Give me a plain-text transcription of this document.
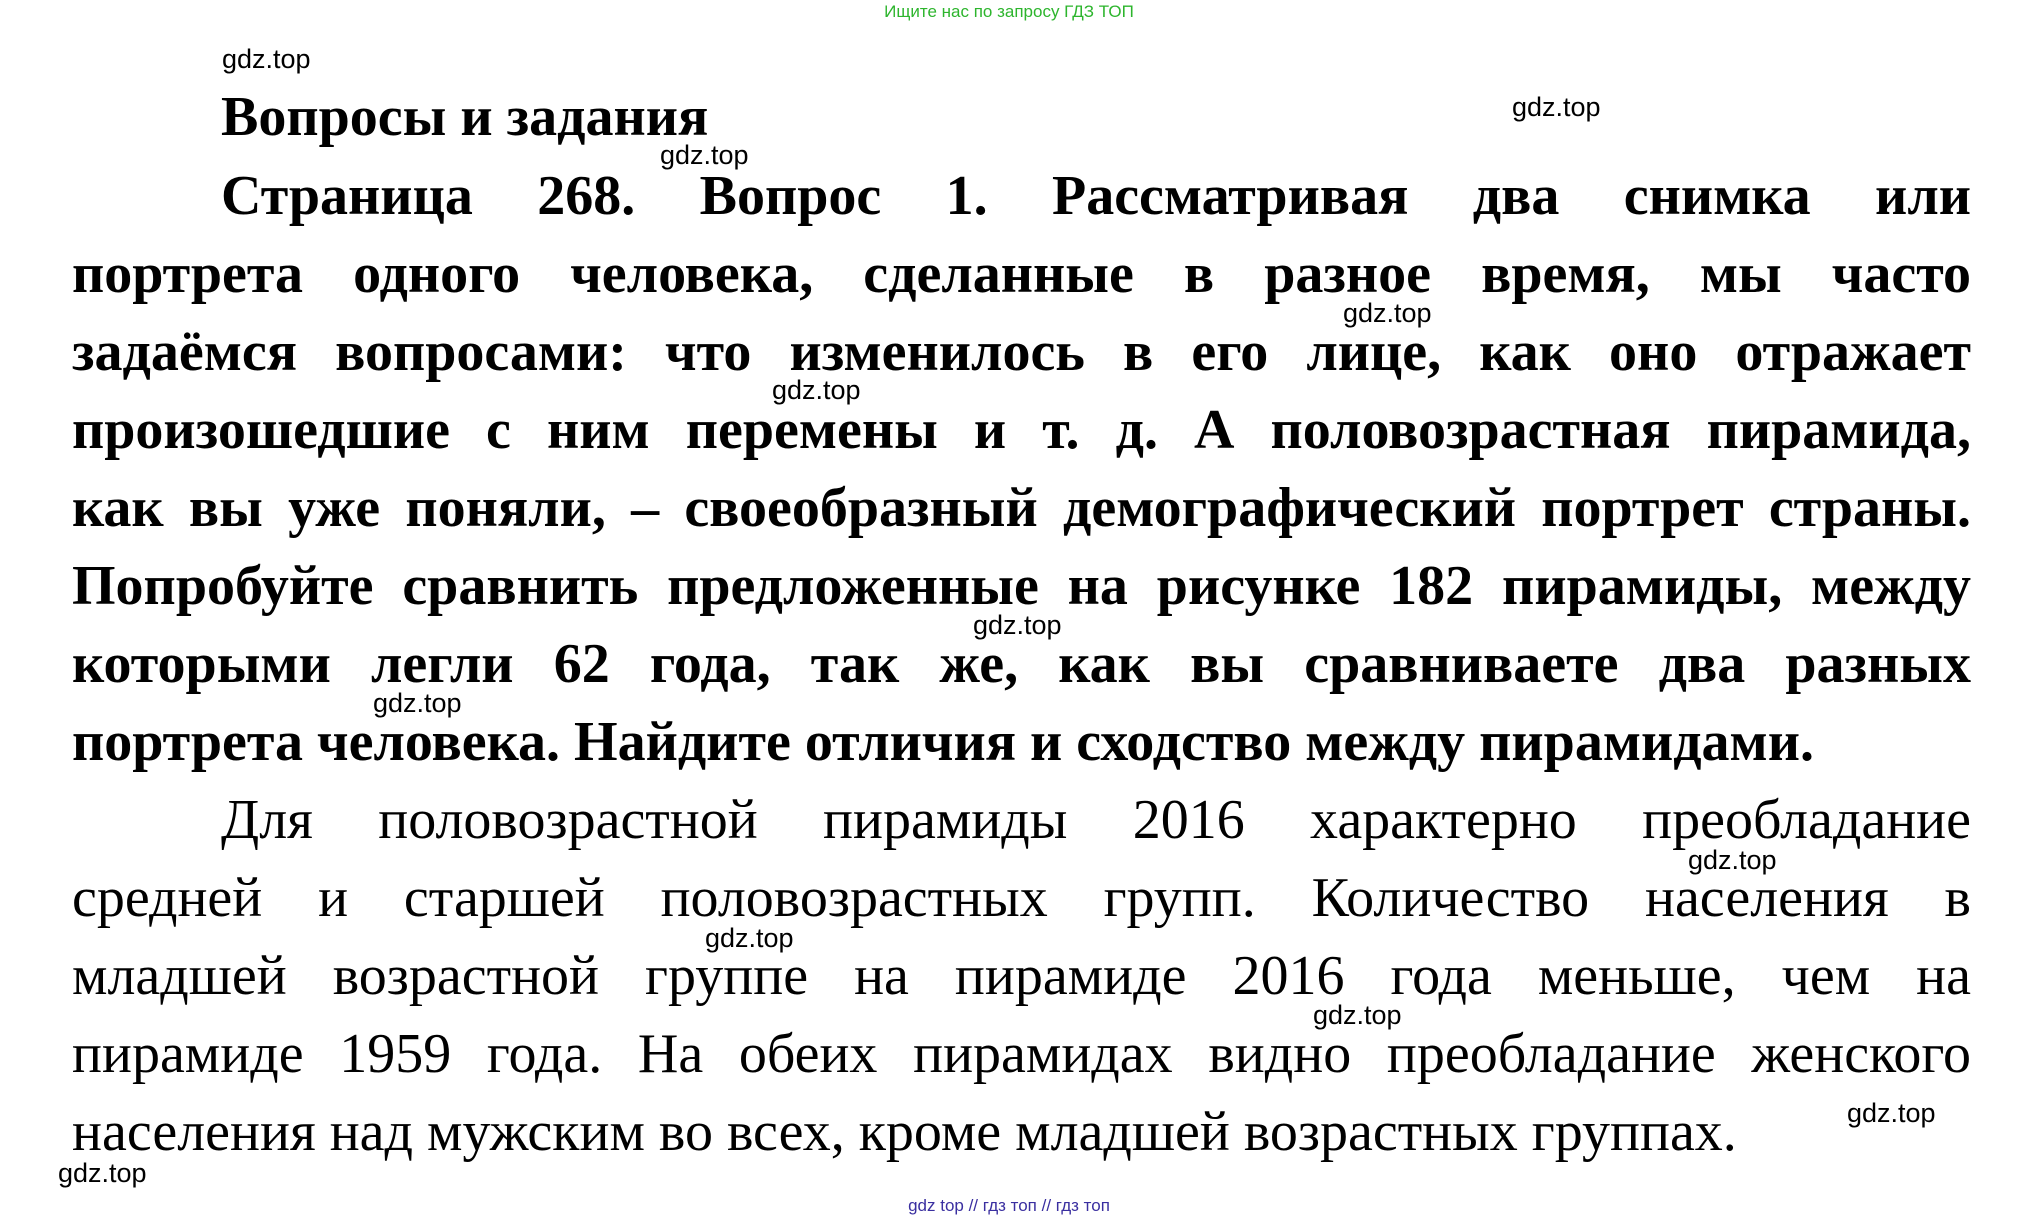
Ищите нас по запросу ГДЗ ТОП
Вопросы и задания
Страница 268. Вопрос 1. Рассматривая два снимка или
портрета одного человека, сделанные в разное время, мы часто
задаёмся вопросами: что изменилось в его лице, как оно отражает
произошедшие с ним перемены и т. д. А половозрастная пирамида,
как вы уже поняли, – своеобразный демографический портрет страны.
Попробуйте сравнить предложенные на рисунке 182 пирамиды, между
которыми легли 62 года, так же, как вы сравниваете два разных
портрета человека. Найдите отличия и сходство между пирамидами.
Для половозрастной пирамиды 2016 характерно преобладание
средней и старшей половозрастных групп. Количество населения в
младшей возрастной группе на пирамиде 2016 года меньше, чем на
пирамиде 1959 года. На обеих пирамидах видно преобладание женского
населения над мужским во всех, кроме младшей возрастных группах.
gdz.top
gdz.top
gdz.top
gdz.top
gdz.top
gdz.top
gdz.top
gdz.top
gdz.top
gdz.top
gdz.top
gdz.top
gdz top // гдз топ // гдз топ
